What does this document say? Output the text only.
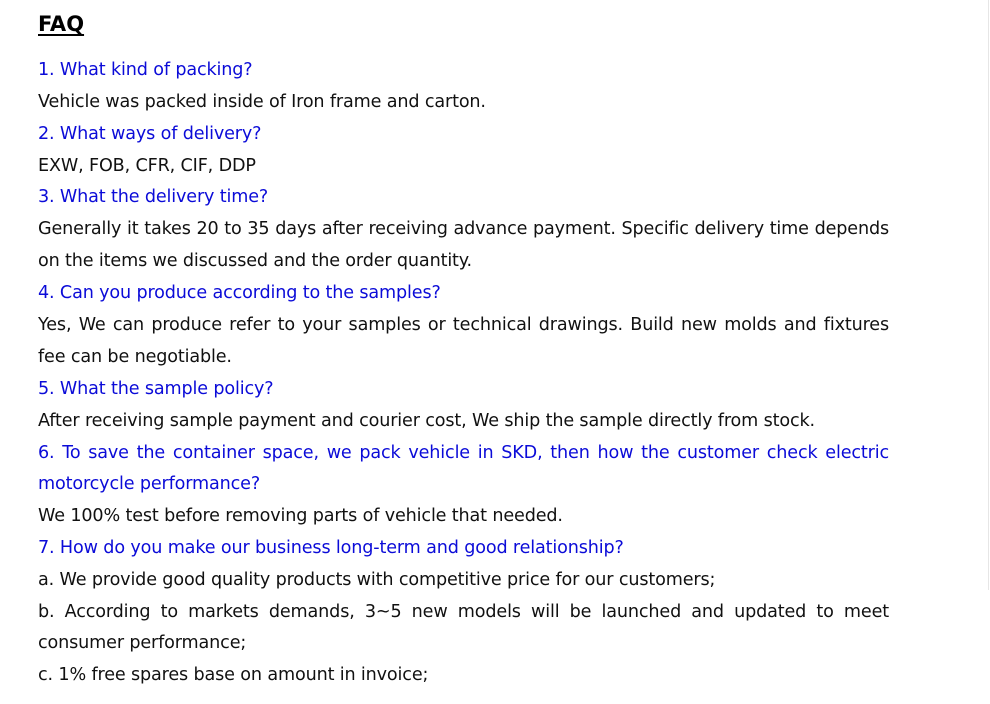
FAQ
1. What kind of packing?
Vehicle was packed inside of Iron frame and carton.
2. What ways of delivery?
EXW, FOB, CFR, CIF, DDP
3. What the delivery time?
Generally it takes 20 to 35 days after receiving advance payment. Specific delivery time depends
on the items we discussed and the order quantity.
4. Can you produce according to the samples?
Yes, We can produce refer to your samples or technical drawings. Build new molds and fixtures
fee can be negotiable.
5. What the sample policy?
After receiving sample payment and courier cost, We ship the sample directly from stock.
6. To save the container space, we pack vehicle in SKD, then how the customer check electric
motorcycle performance?
We 100% test before removing parts of vehicle that needed.
7. How do you make our business long-term and good relationship?
a. We provide good quality products with competitive price for our customers;
b. According to markets demands, 3~5 new models will be launched and updated to meet
consumer performance;
c. 1% free spares base on amount in invoice;
